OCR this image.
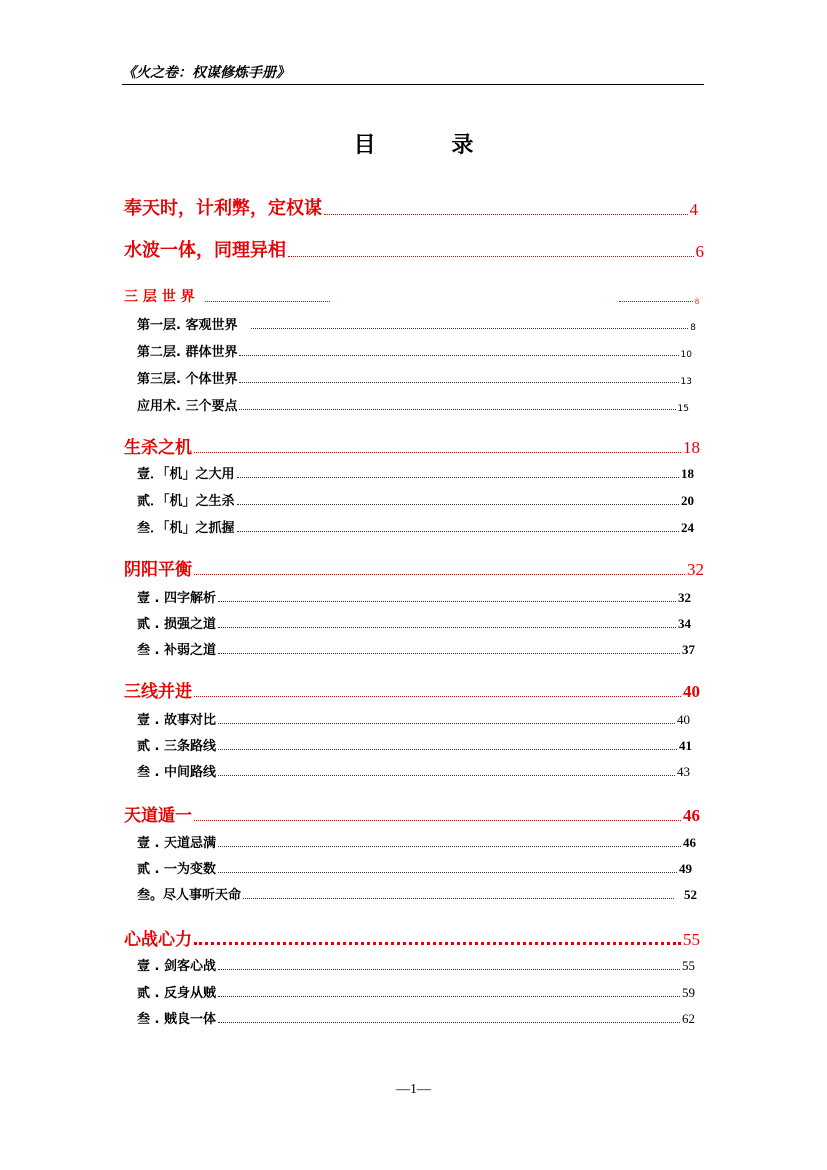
《火之卷：权谋修炼手册》
目 录
奉天时，计利弊，定权谋	4
水波一体，同理异相	6
三 层 世 界	8
第一层. 客观世界	8
第二层. 群体世界	10
第三层. 个体世界	13
应用术. 三个要点	15
生杀之机	18
壹．「机」之大用	18
贰．「机」之生杀	20
叁．「机」之抓握	24
阴阳平衡	32
壹 . 四字解析	32
贰 . 损强之道	34
叁 . 补弱之道	37
三线并进	40
壹 . 故事对比	40
贰 . 三条路线	41
叁 . 中间路线	43
天道遁一	46
壹 . 天道忌满	46
贰 . 一为变数	49
叁。尽人事听天命	52
心战心力	55
壹 . 剑客心战	55
贰 . 反身从贼	59
叁 . 贼良一体	62
—1—
